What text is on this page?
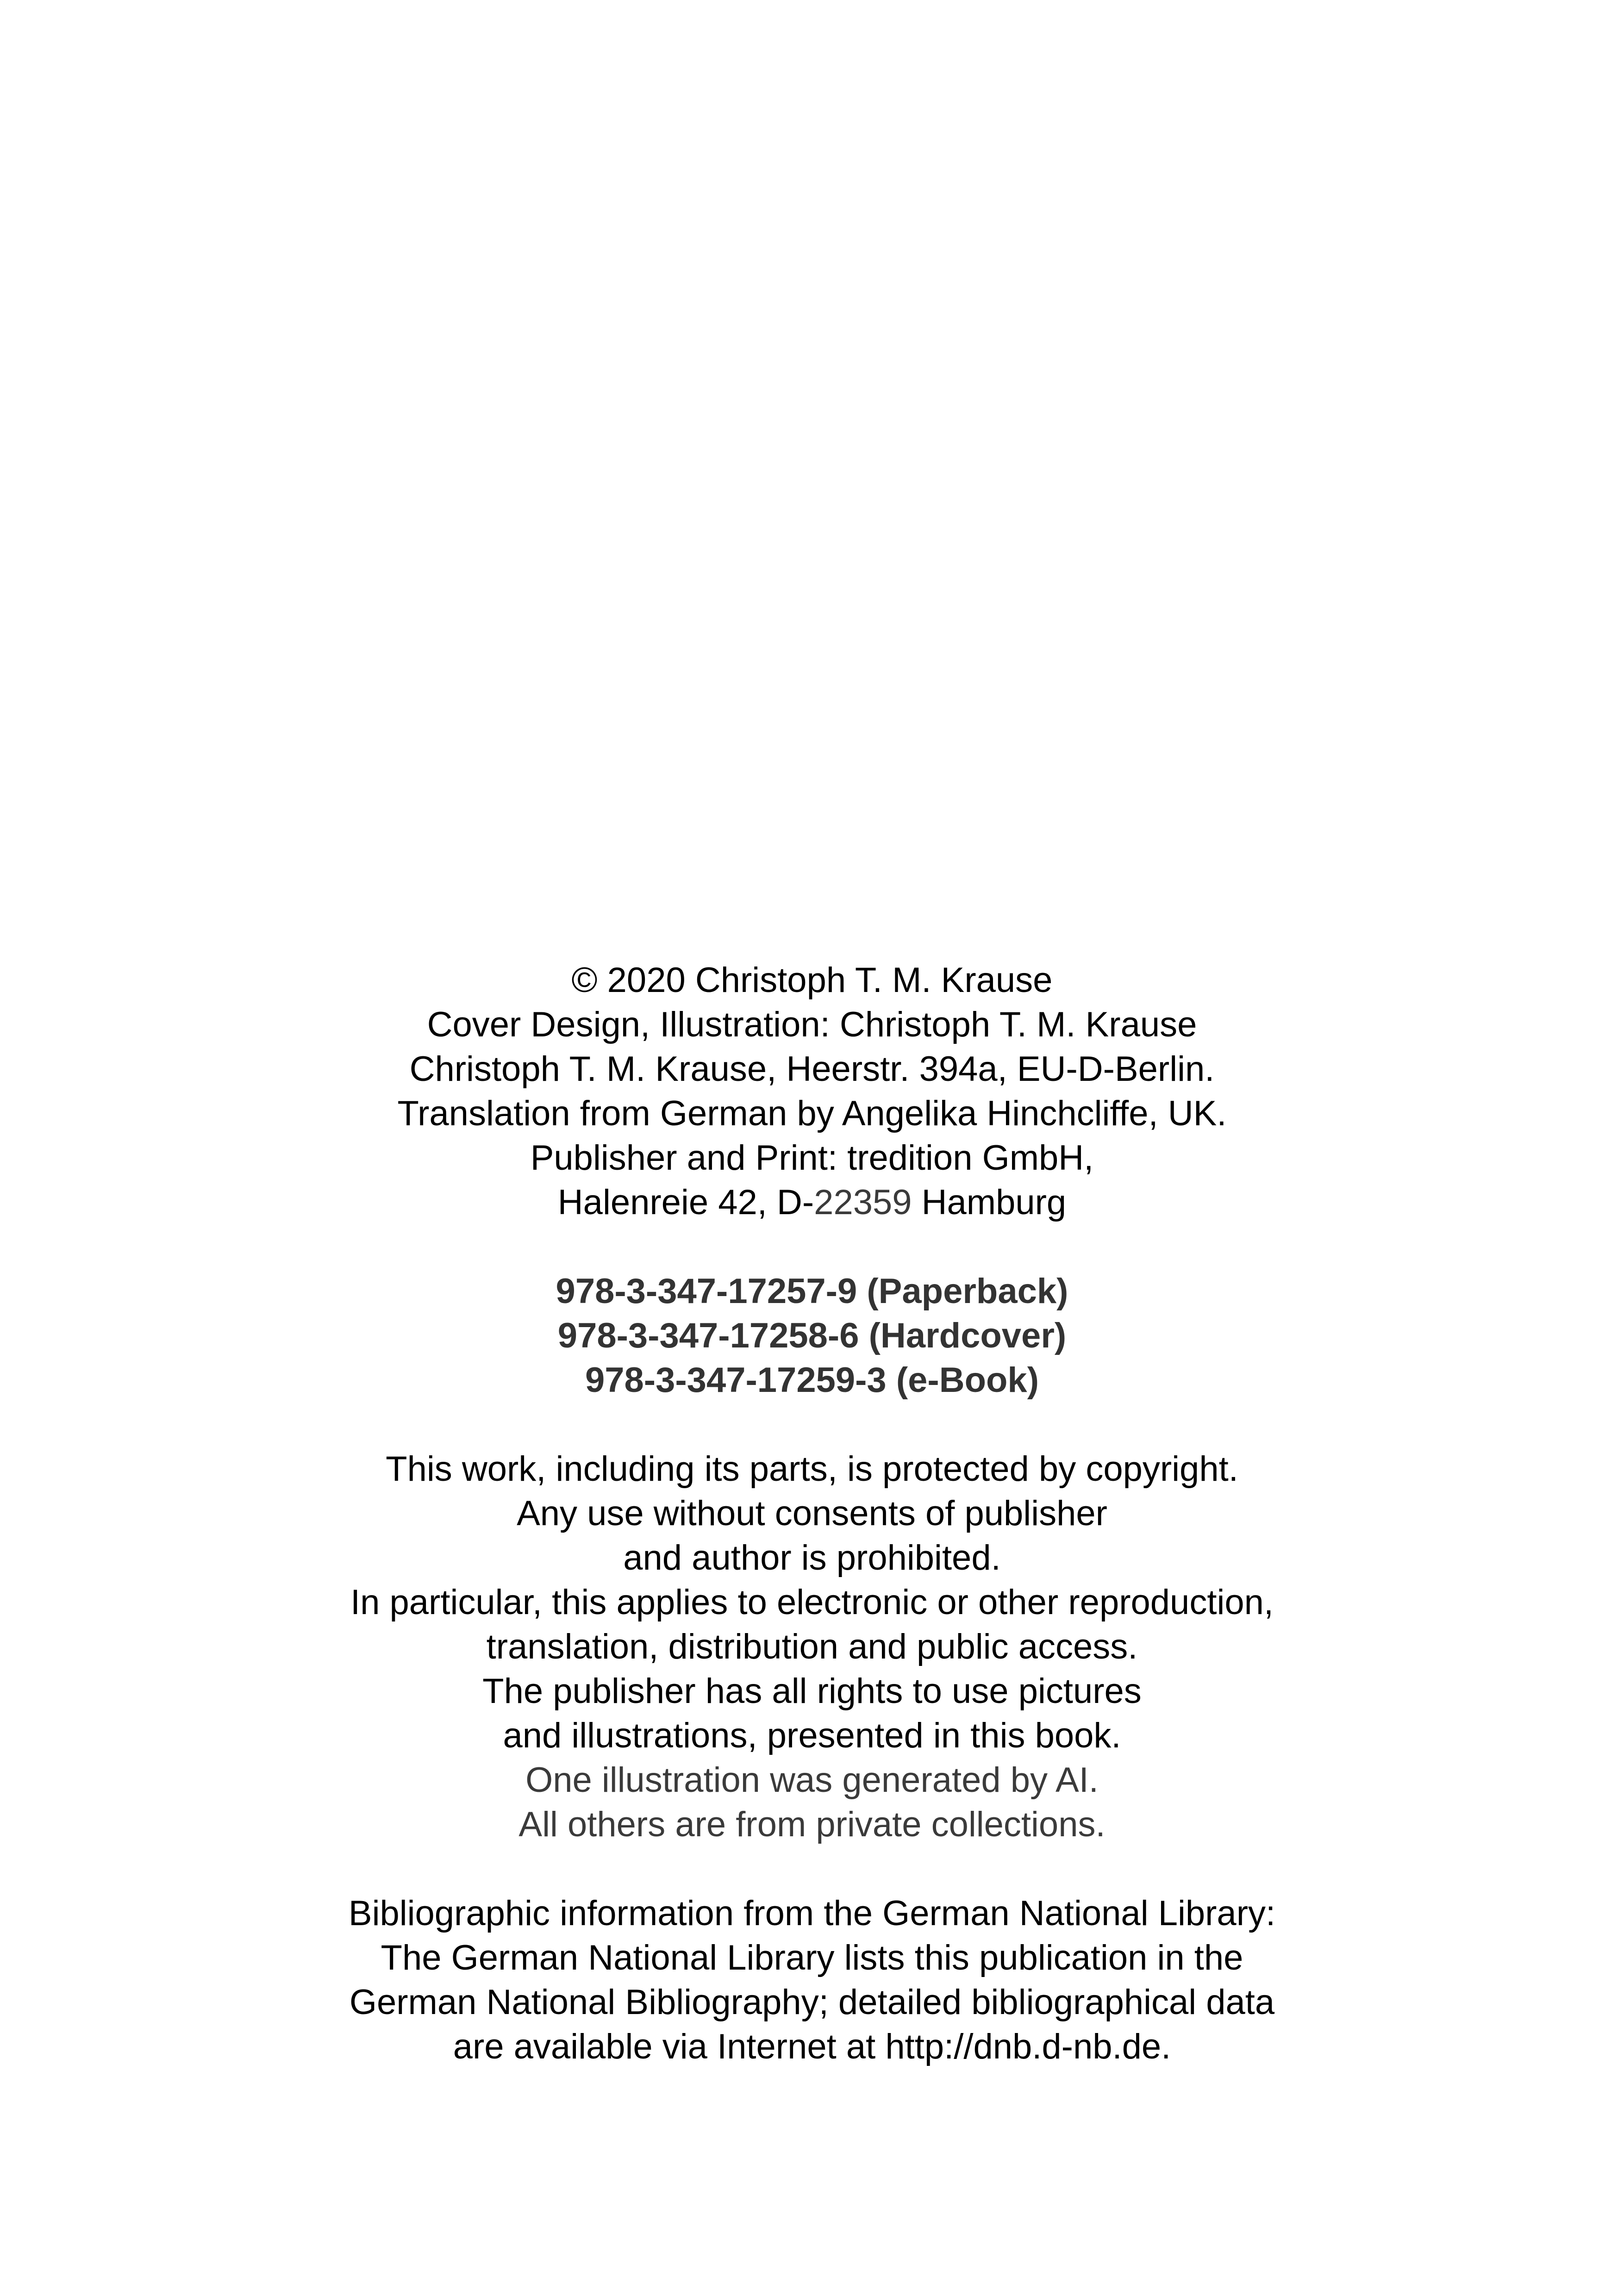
© 2020 Christoph T. M. Krause
Cover Design, Illustration: Christoph T. M. Krause
Christoph T. M. Krause, Heerstr. 394a, EU-D-Berlin.
Translation from German by Angelika Hinchcliffe, UK.
Publisher and Print: tredition GmbH,
Halenreie 42, D-22359 Hamburg
978-3-347-17257-9 (Paperback)
978-3-347-17258-6 (Hardcover)
978-3-347-17259-3 (e-Book)
This work, including its parts, is protected by copyright.
Any use without consents of publisher
and author is prohibited.
In particular, this applies to electronic or other reproduction,
translation, distribution and public access.
The publisher has all rights to use pictures
and illustrations, presented in this book.
One illustration was generated by AI.
All others are from private collections.
Bibliographic information from the German National Library:
The German National Library lists this publication in the
German National Bibliography; detailed bibliographical data
are available via Internet at http://dnb.d-nb.de.
